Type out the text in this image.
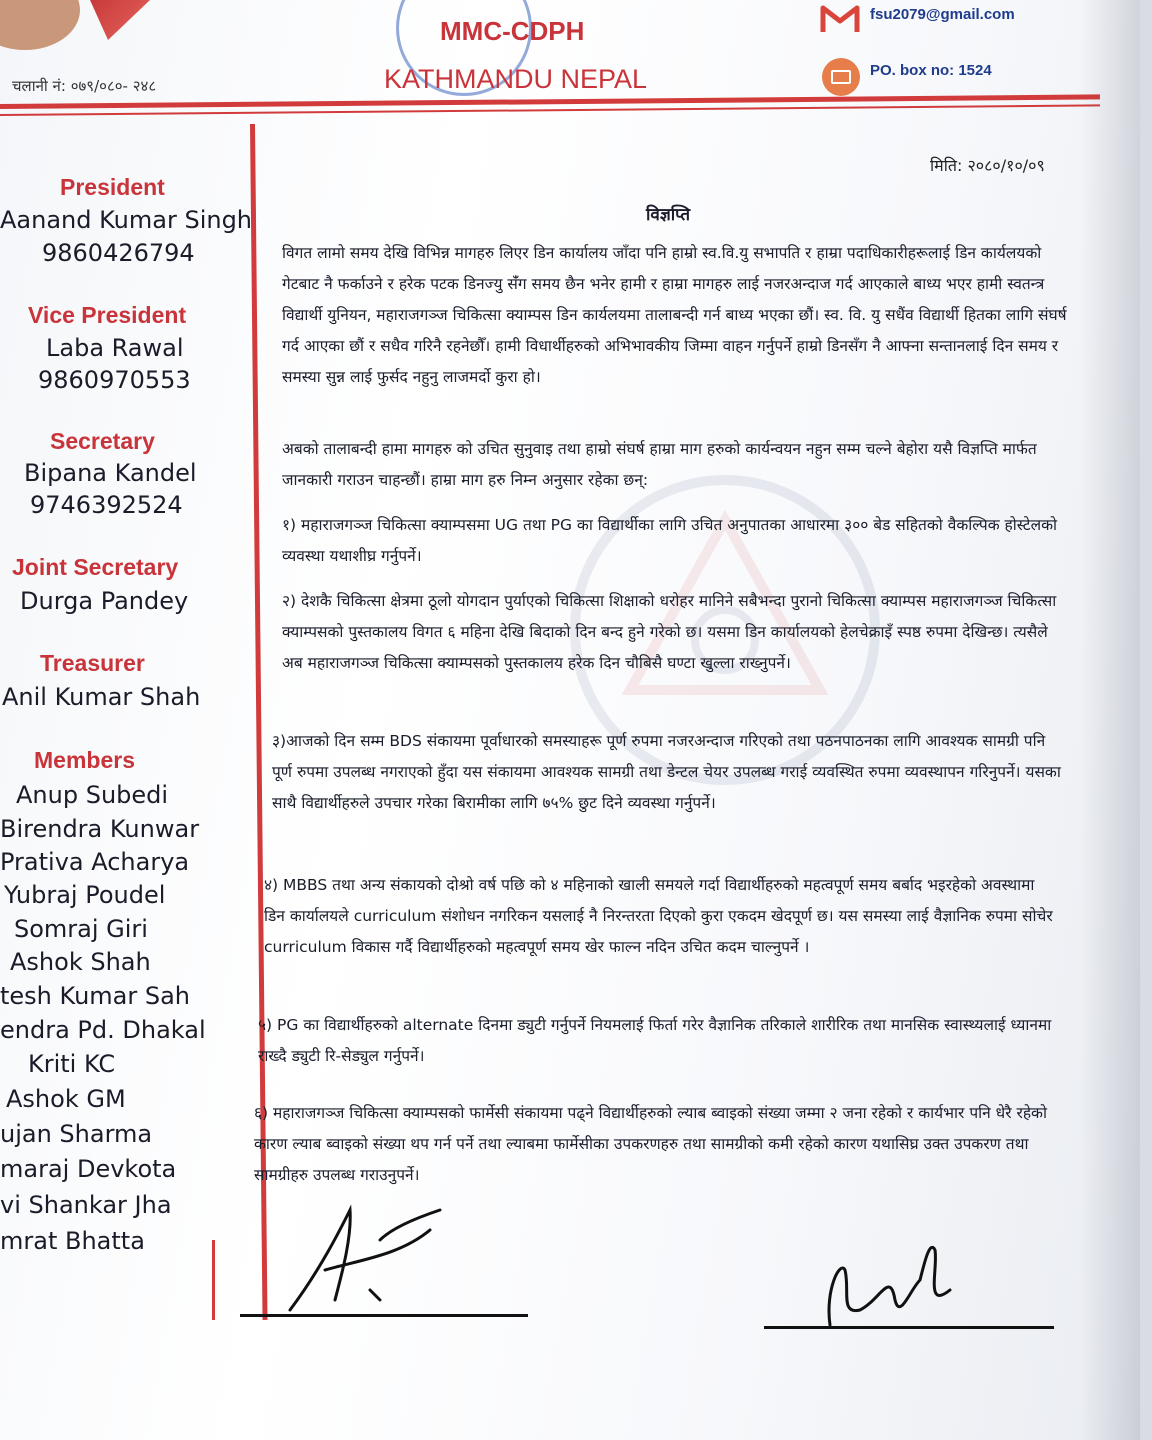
चलानी नं: ०७९/०८०- २४८
MMC-CDPH
KATHMANDU NEPAL
fsu2079@gmail.com
PO. box no: 1524
President
Aanand Kumar Singh
9860426794
Vice President
Laba Rawal
9860970553
Secretary
Bipana Kandel
9746392524
Joint Secretary
Durga Pandey
Treasurer
Anil Kumar Shah
Members
Anup Subedi
Birendra Kunwar
Prativa Acharya
Yubraj Poudel
Somraj Giri
Ashok Shah
tesh Kumar Sah
endra Pd. Dhakal
Kriti KC
Ashok GM
ujan Sharma
maraj Devkota
vi Shankar Jha
mrat Bhatta
मिति: २०८०/१०/०९
विज्ञप्ति
विगत लामो समय देखि विभिन्न मागहरु लिएर डिन कार्यालय जाँदा पनि हाम्रो स्व.वि.यु सभापति र हाम्रा पदाधिकारीहरूलाई डिन कार्यलयको गेटबाट नै फर्काउने र हरेक पटक डिनज्यु संँग समय छैन भनेर हामी र हाम्रा मागहरु लाई नजरअन्दाज गर्द आएकाले बाध्य भएर हामी स्वतन्त्र विद्यार्थी युनियन, महाराजगञ्ज चिकित्सा क्याम्पस डिन कार्यलयमा तालाबन्दी गर्न बाध्य भएका छौं। स्व. वि. यु सधैंव विद्यार्थी हितका लागि संघर्ष गर्द आएका छौं र सधैव गरिनै रहनेछौँ। हामी विधार्थीहरुको अभिभावकीय जिम्मा वाहन गर्नुपर्ने हाम्रो डिनसँग नै आफ्ना सन्तानलाई दिन समय र समस्या सुन्न लाई फुर्सद नहुनु लाजमर्दो कुरा हो।
अबको तालाबन्दी हामा मागहरु को उचित सुनुवाइ तथा हाम्रो संघर्ष हाम्रा माग हरुको कार्यन्वयन नहुन सम्म चल्ने बेहोरा यसै विज्ञप्ति मार्फत जानकारी गराउन चाहन्छौं। हाम्रा माग हरु निम्न अनुसार रहेका छन्:
१) महाराजगञ्ज चिकित्सा क्याम्पसमा UG तथा PG का विद्यार्थीका लागि उचित अनुपातका आधारमा ३०० बेड सहितको वैकल्पिक होस्टेलको व्यवस्था यथाशीघ्र गर्नुपर्ने।
२) देशकै चिकित्सा क्षेत्रमा ठूलो योगदान पुर्याएको चिकित्सा शिक्षाको धरोहर मानिने सबैभन्दा पुरानो चिकित्सा क्याम्पस महाराजगञ्ज चिकित्सा क्याम्पसको पुस्तकालय विगत ६ महिना देखि बिदाको दिन बन्द हुने गरेको छ। यसमा डिन कार्यालयको हेलचेक्राइँ स्पष्ठ रुपमा देखिन्छ। त्यसैले अब महाराजगञ्ज चिकित्सा क्याम्पसको पुस्तकालय हरेक दिन चौबिसै घण्टा खुल्ला राख्नुपर्ने।
३)आजको दिन सम्म BDS संकायमा पूर्वाधारको समस्याहरू पूर्ण रुपमा नजरअन्दाज गरिएको तथा पठनपाठनका लागि आवश्यक सामग्री पनि पूर्ण रुपमा उपलब्ध नगराएको हुँदा यस संकायमा आवश्यक सामग्री तथा डेन्टल चेयर उपलब्ध गराई व्यवस्थित रुपमा व्यवस्थापन गरिनुपर्ने। यसका साथै विद्यार्थीहरुले उपचार गरेका बिरामीका लागि ७५% छुट दिने व्यवस्था गर्नुपर्ने।
४) MBBS तथा अन्य संकायको दोश्रो वर्ष पछि को ४ महिनाको खाली समयले गर्दा विद्यार्थीहरुको महत्वपूर्ण समय बर्बाद भइरहेको अवस्थामा डिन कार्यालयले curriculum संशोधन नगरिकन यसलाई नै निरन्तरता दिएको कुरा एकदम खेदपूर्ण छ। यस समस्या लाई वैज्ञानिक रुपमा सोचेर curriculum विकास गर्दै विद्यार्थीहरुको महत्वपूर्ण समय खेर फाल्न नदिन उचित कदम चाल्नुपर्ने ।
५) PG का विद्यार्थीहरुको alternate दिनमा ड्युटी गर्नुपर्ने नियमलाई फिर्ता गरेर वैज्ञानिक तरिकाले शारीरिक तथा मानसिक स्वास्थ्यलाई ध्यानमा राख्दै ड्युटी रि-सेड्युल गर्नुपर्ने।
६) महाराजगञ्ज चिकित्सा क्याम्पसको फार्मेसी संकायमा पढ्ने विद्यार्थीहरुको ल्याब ब्वाइको संख्या जम्मा २ जना रहेको र कार्यभार पनि धेरै रहेको कारण ल्याब ब्वाइको संख्या थप गर्न पर्ने तथा ल्याबमा फार्मेसीका उपकरणहरु तथा सामग्रीको कमी रहेको कारण यथासिघ्र उक्त उपकरण तथा सामग्रीहरु उपलब्ध गराउनुपर्ने।
